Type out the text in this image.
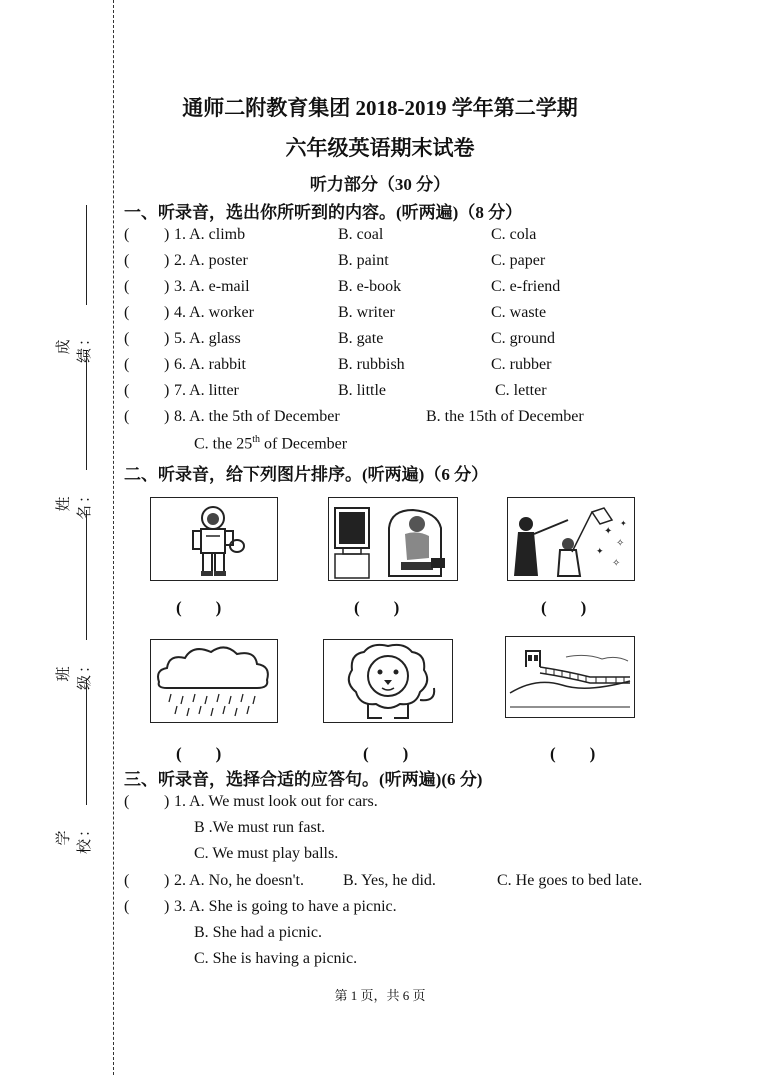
成绩：
姓名：
班级：
学校：
通师二附教育集团 2018-2019 学年第二学期
六年级英语期末试卷
听力部分（30 分）
一、听录音，选出你所听到的内容。(听两遍)（8 分）
( ) 1. A. climb	B. coal	C. cola
( ) 2. A. poster	B. paint	C. paper
( ) 3. A. e-mail	B. e-book	C. e-friend
( ) 4. A. worker	B. writer	C. waste
( ) 5. A. glass	B. gate	C. ground
( ) 6. A. rabbit	B. rubbish	C. rubber
( ) 7. A. litter	B. little	C. letter
( ) 8. A. the 5th of December	B. the 15th of December
C. the 25th of December
二、听录音，给下列图片排序。(听两遍)（6 分）
✦
✧
✦
✧
✦
(　　)	(　　)	(　　)
(　　)	(　　)	(　　)
三、听录音，选择合适的应答句。(听两遍)(6 分)
( ) 1. A. We must look out for cars.
B .We must run fast.
C. We must play balls.
( ) 2. A. No, he doesn't. B. Yes, he did.	C. He goes to bed late.
( ) 3. A. She is going to have a picnic.
B. She had a picnic.
C. She is having a picnic.
第 1 页，共 6 页
